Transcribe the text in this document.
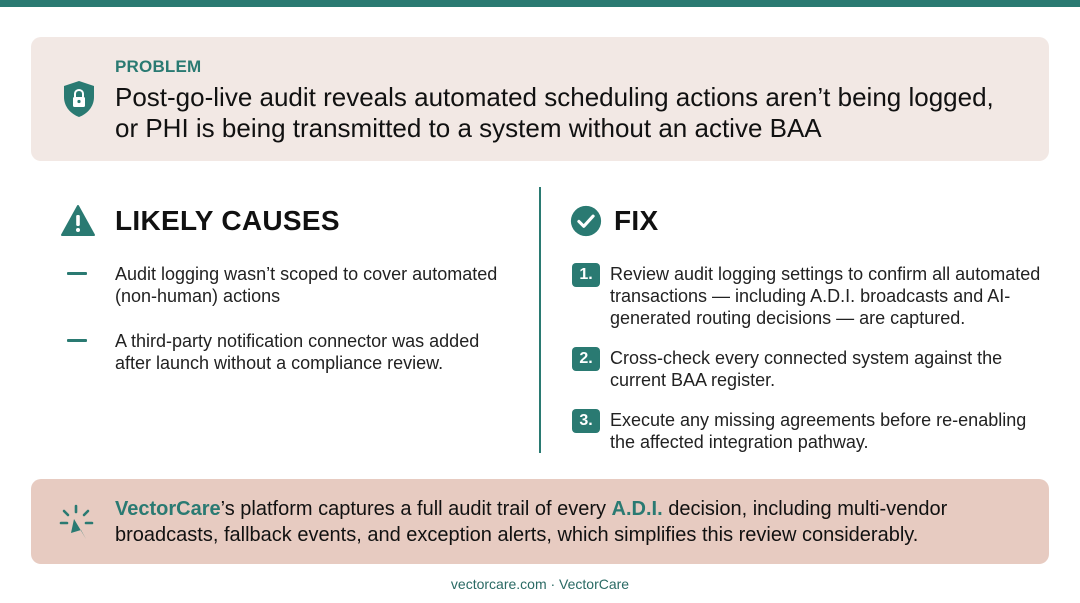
PROBLEM
Post-go-live audit reveals automated scheduling actions aren’t being logged, or PHI is being transmitted to a system without an active BAA
LIKELY CAUSES
Audit logging wasn’t scoped to cover automated (non-human) actions
A third-party notification connector was added after launch without a compliance review.
FIX
1. Review audit logging settings to confirm all automated transactions — including A.D.I. broadcasts and AI-generated routing decisions — are captured.
2. Cross-check every connected system against the current BAA register.
3. Execute any missing agreements before re-enabling the affected integration pathway.
VectorCare’s platform captures a full audit trail of every A.D.I. decision, including multi-vendor broadcasts, fallback events, and exception alerts, which simplifies this review considerably.
vectorcare.com · VectorCare
